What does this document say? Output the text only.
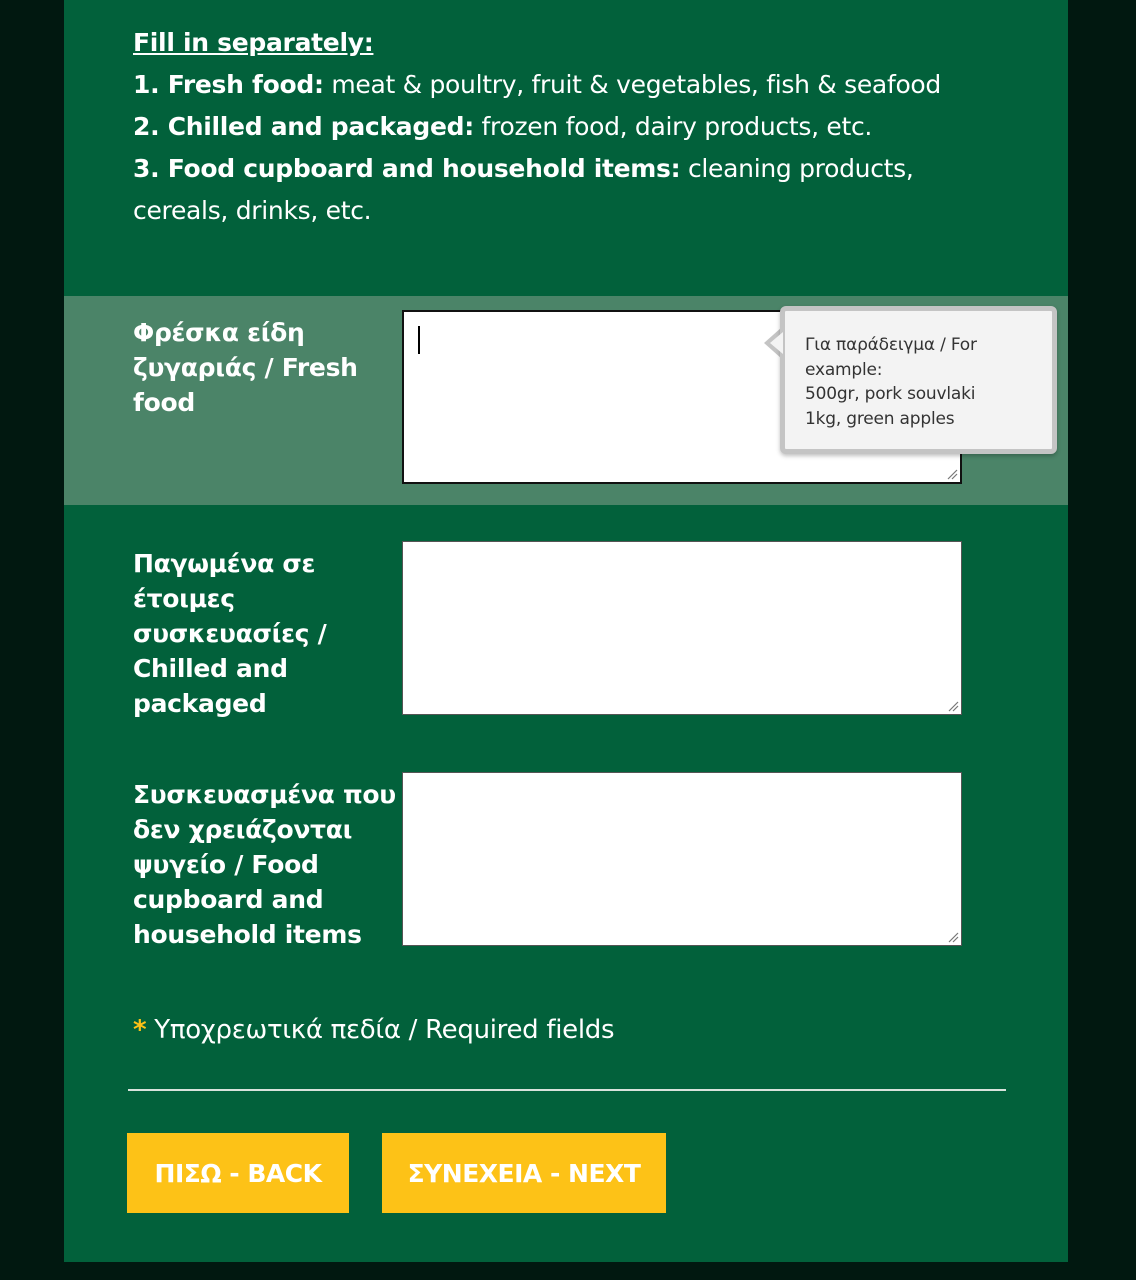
Fill in separately:
1. Fresh food: meat & poultry, fruit & vegetables, fish & seafood
2. Chilled and packaged: frozen food, dairy products, etc.
3. Food cupboard and household items: cleaning products, cereals, drinks, etc.
Φρέσκα είδη ζυγαριάς / Fresh food
Παγωμένα σε έτοιμες συσκευασίες / Chilled and packaged
Συσκευασμένα που δεν χρειάζονται ψυγείο / Food cupboard and household items
Για παράδειγμα / For example:
500gr, pork souvlaki
1kg, green apples
* Υποχρεωτικά πεδία / Required fields
ΠΙΣΩ - BACK	ΣΥΝΕΧΕΙΑ - NEXT
